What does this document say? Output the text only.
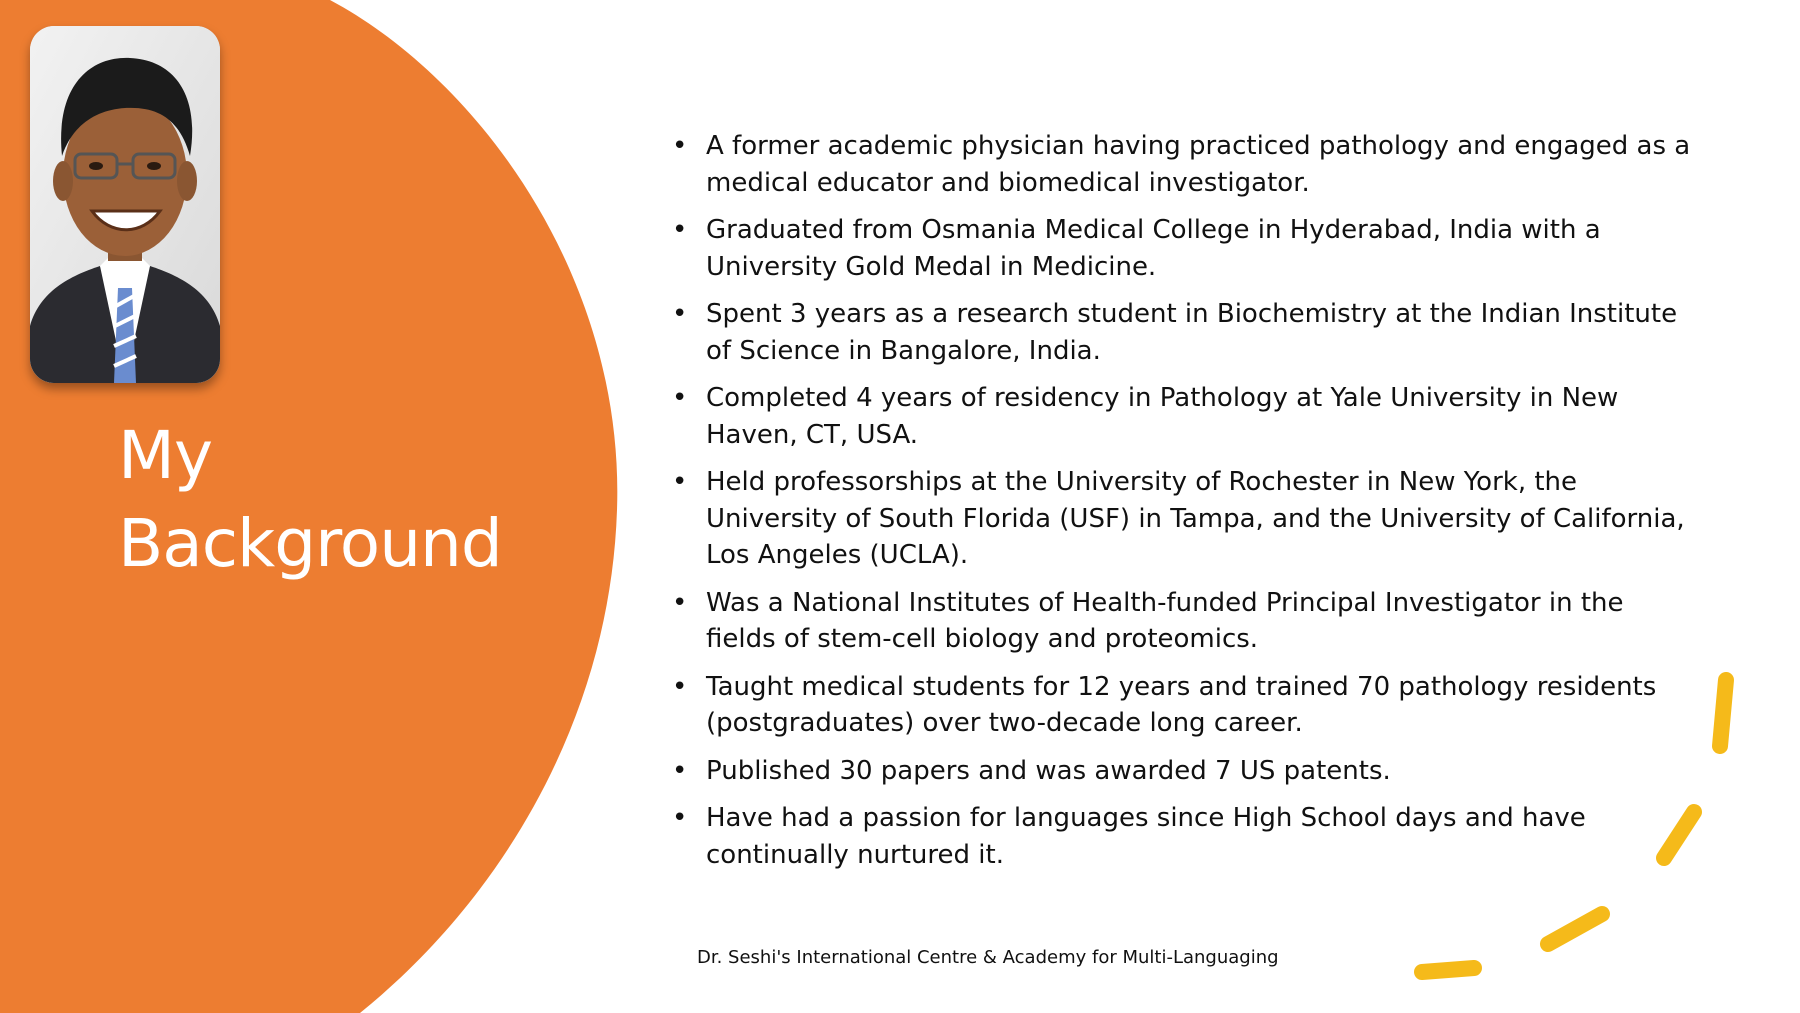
My
Background
• A former academic physician having practiced pathology and engaged as a medical educator and biomedical investigator.
• Graduated from Osmania Medical College in Hyderabad, India with a University Gold Medal in Medicine.
• Spent 3 years as a research student in Biochemistry at the Indian Institute of Science in Bangalore, India.
• Completed 4 years of residency in Pathology at Yale University in New Haven, CT, USA.
• Held professorships at the University of Rochester in New York, the University of South Florida (USF) in Tampa, and the University of California, Los Angeles (UCLA).
• Was a National Institutes of Health-funded Principal Investigator in the fields of stem-cell biology and proteomics.
• Taught medical students for 12 years and trained 70 pathology residents (postgraduates) over two-decade long career.
• Published 30 papers and was awarded 7 US patents.
• Have had a passion for languages since High School days and have continually nurtured it.
Dr. Seshi's International Centre & Academy for Multi-Languaging
